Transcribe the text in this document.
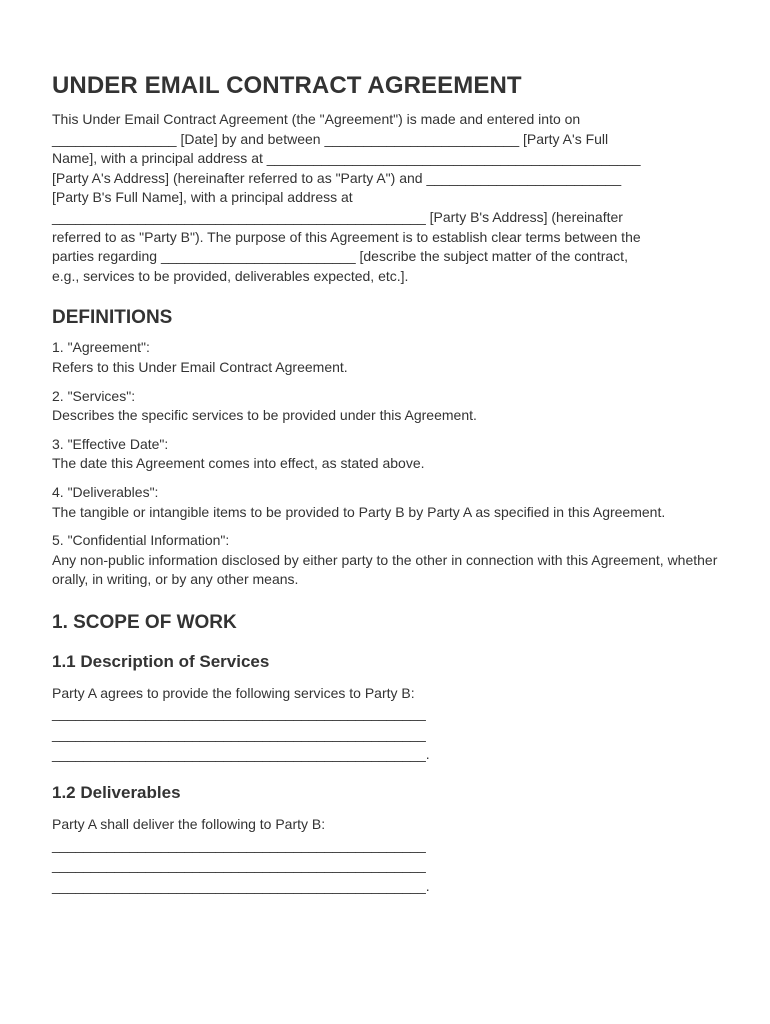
UNDER EMAIL CONTRACT AGREEMENT

This Under Email Contract Agreement (the "Agreement") is made and entered into on
________________ [Date] by and between _________________________ [Party A's Full
Name], with a principal address at ________________________________________________
[Party A's Address] (hereinafter referred to as "Party A") and _________________________
[Party B's Full Name], with a principal address at
________________________________________________ [Party B's Address] (hereinafter
referred to as "Party B"). The purpose of this Agreement is to establish clear terms between the
parties regarding _________________________ [describe the subject matter of the contract,
e.g., services to be provided, deliverables expected, etc.].

DEFINITIONS
1. "Agreement":
Refers to this Under Email Contract Agreement.
2. "Services":
Describes the specific services to be provided under this Agreement.
3. "Effective Date":
The date this Agreement comes into effect, as stated above.
4. "Deliverables":
The tangible or intangible items to be provided to Party B by Party A as specified in this Agreement.
5. "Confidential Information":
Any non-public information disclosed by either party to the other in connection with this Agreement, whether orally, in writing, or by any other means.
1. SCOPE OF WORK
1.1 Description of Services

Party A agrees to provide the following services to Party B:

________________________________________________
________________________________________________
________________________________________________.

1.2 Deliverables

Party A shall deliver the following to Party B:

________________________________________________
________________________________________________
________________________________________________.
